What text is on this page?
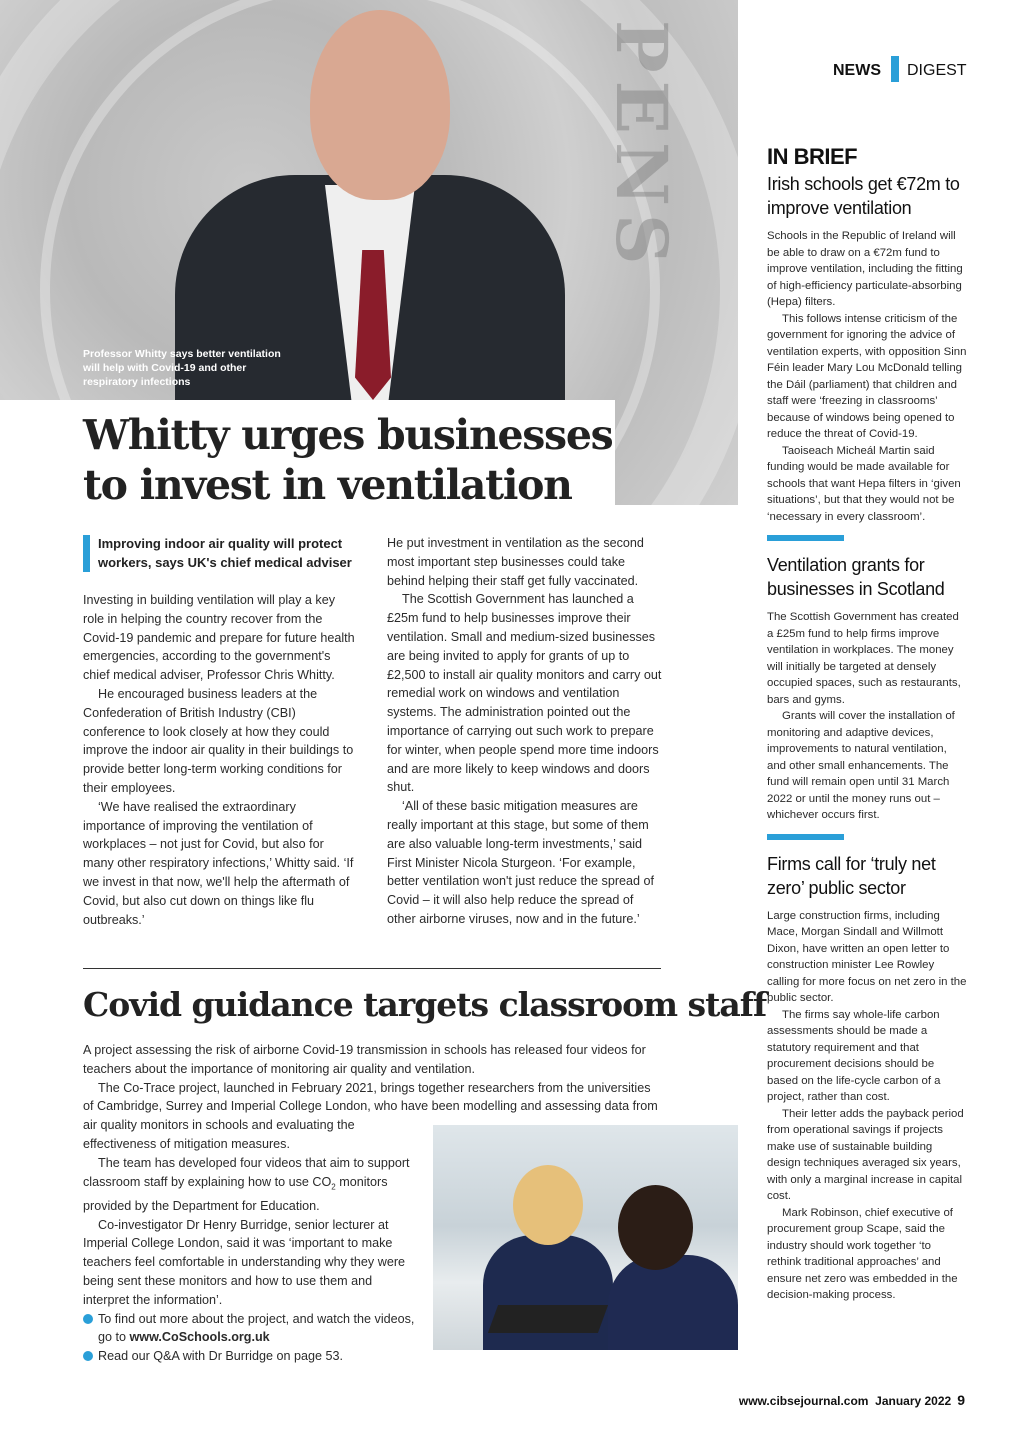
PENS
Professor Whitty says better ventilation will help with Covid-19 and other respiratory infections
Whitty urges businesses to invest in ventilation
Improving indoor air quality will protect workers, says UK's chief medical adviser

Investing in building ventilation will play a key role in helping the country recover from the Covid-19 pandemic and prepare for future health emergencies, according to the government's chief medical adviser, Professor Chris Whitty.

He encouraged business leaders at the Confederation of British Industry (CBI) conference to look closely at how they could improve the indoor air quality in their buildings to provide better long-term working conditions for their employees.

‘We have realised the extraordinary importance of improving the ventilation of workplaces – not just for Covid, but also for many other respiratory infections,’ Whitty said. ‘If we invest in that now, we'll help the aftermath of Covid, but also cut down on things like flu outbreaks.’

He put investment in ventilation as the second most important step businesses could take behind helping their staff get fully vaccinated.

The Scottish Government has launched a £25m fund to help businesses improve their ventilation. Small and medium-sized businesses are being invited to apply for grants of up to £2,500 to install air quality monitors and carry out remedial work on windows and ventilation systems. The administration pointed out the importance of carrying out such work to prepare for winter, when people spend more time indoors and are more likely to keep windows and doors shut.

‘All of these basic mitigation measures are really important at this stage, but some of them are also valuable long-term investments,’ said First Minister Nicola Sturgeon. ‘For example, better ventilation won't just reduce the spread of Covid – it will also help reduce the spread of other airborne viruses, now and in the future.’

Covid guidance targets classroom staff

A project assessing the risk of airborne Covid-19 transmission in schools has released four videos for teachers about the importance of monitoring air quality and ventilation.

The Co-Trace project, launched in February 2021, brings together researchers from the universities of Cambridge, Surrey and Imperial College London, who have been modelling and assessing data from air quality monitors in schools and evaluating the effectiveness of mitigation measures.

The team has developed four videos that aim to support classroom staff by explaining how to use $CO_2$ monitors provided by the Department for Education.

Co-investigator Dr Henry Burridge, senior lecturer at Imperial College London, said it was ‘important to make teachers feel comfortable in understanding why they were being sent these monitors and how to use them and interpret the information’.

To find out more about the project, and watch the videos, go to www.CoSchools.org.uk

Read our Q&A with Dr Burridge on page 53.

NEWS DIGEST
IN BRIEF
Irish schools get €72m to improve ventilation

Schools in the Republic of Ireland will be able to draw on a €72m fund to improve ventilation, including the fitting of high-efficiency particulate-absorbing (Hepa) filters.

This follows intense criticism of the government for ignoring the advice of ventilation experts, with opposition Sinn Féin leader Mary Lou McDonald telling the Dáil (parliament) that children and staff were ‘freezing in classrooms’ because of windows being opened to reduce the threat of Covid-19.

Taoiseach Micheál Martin said funding would be made available for schools that want Hepa filters in ‘given situations’, but that they would not be ‘necessary in every classroom’.

Ventilation grants for businesses in Scotland

The Scottish Government has created a £25m fund to help firms improve ventilation in workplaces. The money will initially be targeted at densely occupied spaces, such as restaurants, bars and gyms.

Grants will cover the installation of monitoring and adaptive devices, improvements to natural ventilation, and other small enhancements. The fund will remain open until 31 March 2022 or until the money runs out – whichever occurs first.

Firms call for ‘truly net zero’ public sector

Large construction firms, including Mace, Morgan Sindall and Willmott Dixon, have written an open letter to construction minister Lee Rowley calling for more focus on net zero in the public sector.

The firms say whole-life carbon assessments should be made a statutory requirement and that procurement decisions should be based on the life-cycle carbon of a project, rather than cost.

Their letter adds the payback period from operational savings if projects make use of sustainable building design techniques averaged six years, with only a marginal increase in capital cost.

Mark Robinson, chief executive of procurement group Scape, said the industry should work together ‘to rethink traditional approaches’ and ensure net zero was embedded in the decision-making process.

www.cibsejournal.com January 2022 9
